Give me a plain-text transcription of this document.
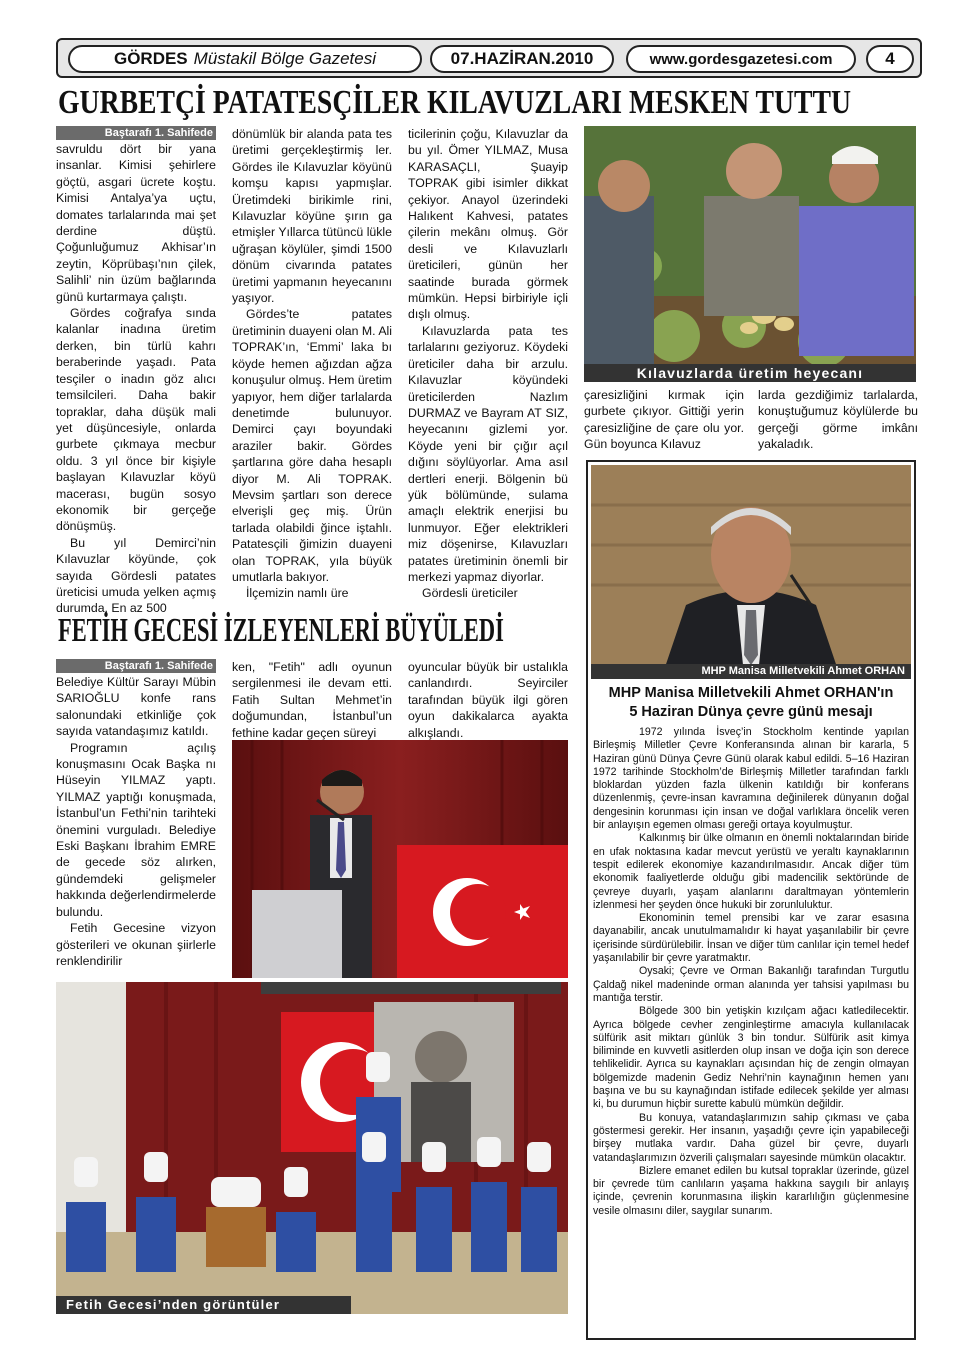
GÖRDES Müstakil Bölge Gazetesi	07.HAZİRAN.2010	www.gordesgazetesi.com	4
GURBETÇİ PATATESÇİLER KILAVUZLARI MESKEN TUTTU
Baştarafı 1. Sahifede

savruldu dört bir yana insanlar. Kimisi şehirlere göçtü, asgari ücrete koştu. Kimisi Antalya’ya uçtu, domates tarlalarında mai şet derdine düştü. Çoğunluğumuz Akhisar’ın zeytin, Köprübaşı’nın çilek, Salihli’ nin üzüm bağlarında günü kurtarmaya çalıştı.

Gördes coğrafya sında kalanlar inadına üretim derken, bin türlü kahrı beraberinde yaşadı. Pata tesçiler o inadın göz alıcı temsilcileri. Daha bakir topraklar, daha düşük mali yet düşüncesiyle, onlarda gurbete çıkmaya mecbur oldu. 3 yıl önce bir kişiyle başlayan Kılavuzlar köyü macerası, bugün sosyo ekonomik bir gerçeğe dönüşmüş.

Bu yıl Demirci’nin Kılavuzlar köyünde, çok sayıda Gördesli patates üreticisi umuda yelken açmış durumda. En az 500

dönümlük bir alanda pata tes üretimi gerçekleştirmiş ler. Gördes ile Kılavuzlar köyünü komşu kapısı yapmışlar. Üretimdeki birikimle rini, Kılavuzlar köyüne şırın ga etmişler Yıllarca tütüncü lükle uğraşan köylüler, şimdi 1500 dönüm civarında patates üretimi yapmanın heyecanını yaşıyor.

Gördes’te patates üretiminin duayeni olan M. Ali TOPRAK’ın, ‘Emmi’ laka bı köyde hemen ağızdan ağza konuşulur olmuş. Hem üretim yapıyor, hem diğer tarlalarda denetimde bulunuyor. Demirci çayı boyundaki araziler bakir. Gördes şartlarına göre daha hesaplı diyor M. Ali TOPRAK. Mevsim şartları son derece elverişli geç miş. Ürün tarlada olabildi ğince iştahlı. Patatesçili ğimizin duayeni olan TOPRAK, yıla büyük umutlarla bakıyor.

İlçemizin namlı üre

ticilerinin çoğu, Kılavuzlar da bu yıl. Ömer YILMAZ, Musa KARASAÇLI, Şuayip TOPRAK gibi isimler dikkat çekiyor. Anayol üzerindeki Halıkent Kahvesi, patates çilerin mekânı olmuş. Gör desli ve Kılavuzlarlı üreticileri, günün her saatinde burada görmek mümkün. Hepsi birbiriyle içli dışlı olmuş.

Kılavuzlarda pata tes tarlalarını geziyoruz. Köydeki üreticiler daha bir arzulu. Kılavuzlar köyündeki üreticilerden Nazlım DURMAZ ve Bayram AT SIZ, heyecanını gizlemi yor. Köyde yeni bir çığır açıl dığını söylüyorlar. Ama asıl dertleri enerji. Bölgenin bü yük bölümünde, sulama amaçlı elektrik enerjisi bu lunmuyor. Eğer elektrikleri miz döşenirse, Kılavuzları patates üretiminin önemli bir merkezi yapmaz diyorlar.

Gördesli üreticiler

Kılavuzlarda üretim heyecanı

çaresizliğini kırmak için gurbete çıkıyor. Gittiği yerin çaresizliğine de çare olu yor. Gün boyunca Kılavuz

larda gezdiğimiz tarlalarda, konuştuğumuz köylülerde bu gerçeği görme imkânı yakaladık.

FETİH GECESİ İZLEYENLERİ BÜYÜLEDİ
Baştarafı 1. Sahifede

Belediye Kültür Sarayı Mübin SARIOĞLU konfe rans salonundaki etkinliğe çok sayıda vatandaşımız katıldı.

Programın açılış konuşmasını Ocak Başka nı Hüseyin YILMAZ yaptı. YILMAZ yaptığı konuşmada, İstanbul’un Fethi’nin tarihteki önemini vurguladı. Belediye Eski Başkanı İbrahim EMRE de gecede söz alırken, gündemdeki gelişmeler hakkında değerlendirmelerde bulundu.

Fetih Gecesine vizyon gösterileri ve okunan şiirlerle renklendirilir

ken, "Fetih" adlı oyunun sergilenmesi ile devam etti. Fatih Sultan Mehmet’in doğumundan, İstanbul’un fethine kadar geçen süreyi

oyuncular büyük bir ustalıkla canlandırdı. Seyirciler tarafından büyük ilgi gören oyun dakikalarca ayakta alkışlandı.

Fetih Gecesi’nden görüntüler
MHP Manisa Milletvekili Ahmet ORHAN
MHP Manisa Milletvekili Ahmet ORHAN'ın
5 Haziran Dünya çevre günü mesajı

1972 yılında İsveç’in Stockholm kentinde yapılan Birleşmiş Milletler Çevre Konferansında alınan bir kararla, 5 Haziran günü Dünya Çevre Günü olarak kabul edildi. 5–16 Haziran 1972 tarihinde Stockholm’de Birleşmiş Milletler tarafından farklı bloklardan yüzden fazla ülkenin katıldığı bir konferans düzenlenmiş, çevre-insan kavramına değinilerek dünyanın doğal dengesinin korunması için insan ve doğal varlıklara öncelik veren bir anlayışın egemen olması gereği ortaya koyulmuştur.

Kalkınmış bir ülke olmanın en önemli noktalarından biride en ufak noktasına kadar mevcut yerüstü ve yeraltı kaynaklarının tespit edilerek ekonomiye kazandırılmasıdır. Ancak diğer tüm ekonomik faaliyetlerde olduğu gibi madencilik sektöründe de çevreye duyarlı, yaşam alanlarını daraltmayan yöntemlerin izlenmesi her şeyden önce hukuki bir zorunluluktur.

Ekonominin temel prensibi kar ve zarar esasına dayanabilir, ancak unutulmamalıdır ki hayat yaşanılabilir bir çevre içerisinde sürdürülebilir. İnsan ve diğer tüm canlılar için temel hedef yaşanılabilir bir çevre yaratmaktır.

Oysaki; Çevre ve Orman Bakanlığı tarafından Turgutlu Çaldağ nikel madeninde orman alanında yer tahsisi yapılması bu mantığa terstir.

Bölgede 300 bin yetişkin kızılçam ağacı katledilecektir. Ayrıca bölgede cevher zenginleştirme amacıyla kullanılacak sülfürik asit miktarı günlük 3 bin tondur. Sülfürik asit kimya biliminde en kuvvetli asitlerden olup insan ve doğa için son derece tehlikelidir. Ayrıca su kaynakları açısından hiç de zengin olmayan bölgemizde madenin Gediz Nehri’nin kaynağının hemen yanı başına ve bu su kaynağından istifade edilecek şekilde yer alması ki, bu durumun hiçbir surette kabulü mümkün değildir.

Bu konuya, vatandaşlarımızın sahip çıkması ve çaba göstermesi gerekir. Her insanın, yaşadığı çevre için yapabileceği birşey mutlaka vardır. Daha güzel bir çevre, duyarlı vatandaşlarımızın özverili çalışmaları sayesinde mümkün olacaktır.

Bizlere emanet edilen bu kutsal topraklar üzerinde, güzel bir çevrede tüm canlıların yaşama hakkına saygılı bir anlayış içinde, çevrenin korunmasına ilişkin kararlılığın güçlenmesine vesile olmasını diler, saygılar sunarım.
